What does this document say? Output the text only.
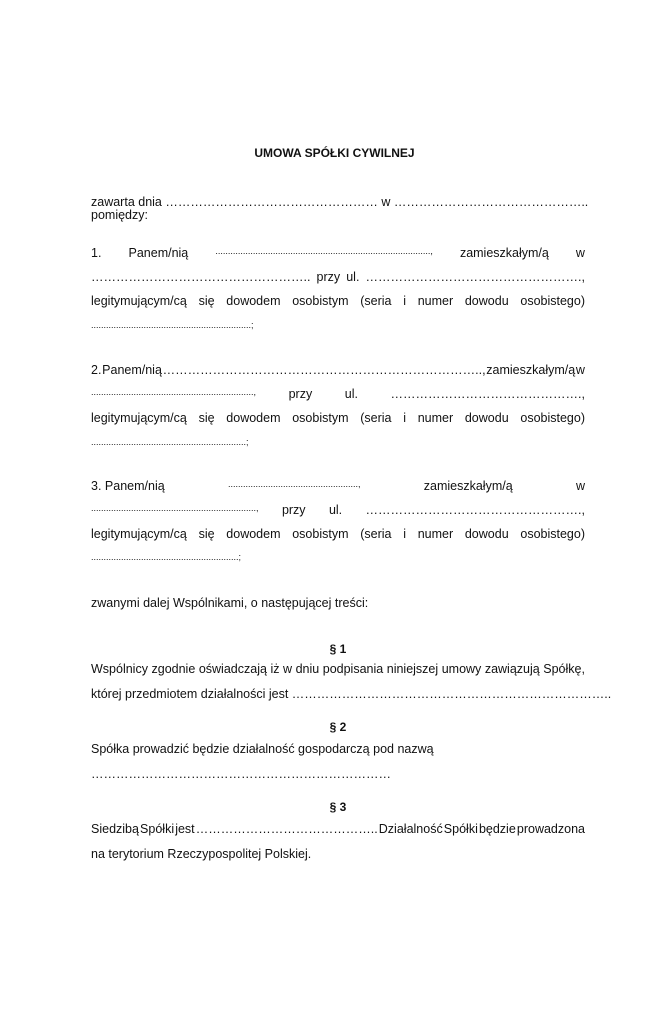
UMOWA SPÓŁKI CYWILNEJ
zawarta dnia …………………………………………… w ………………………………………..
pomiędzy:
1. Panem/nią	......................................................................................, zamieszkałym/ą w
…………………………………………….. przy ul. …………………………………………….,
legitymującym/cą się dowodem osobistym (seria i numer dowodu osobistego)
................................................................;
2. Panem/nią ………………………………………………………………….., zamieszkałym/ą w
.................................................................,	przy	ul.	……………………………………….,
legitymującym/cą się dowodem osobistym (seria i numer dowodu osobistego)
..............................................................;
3. Panem/nią	....................................................,	zamieszkałym/ą	w
.................................................................., przy ul. …………………………………………….,
legitymującym/cą się dowodem osobistym (seria i numer dowodu osobistego)
...........................................................;
zwanymi dalej Wspólnikami, o następującej treści:
§ 1
Wspólnicy zgodnie oświadczają iż w dniu podpisania niniejszej umowy zawiązują Spółkę,
której przedmiotem działalności jest …………………………………………………………………..
§ 2
Spółka prowadzić będzie działalność gospodarczą pod nazwą
………………………………………………………………
§ 3
Siedzibą Spółki jest …………………………………….. Działalność Spółki będzie prowadzona
na terytorium Rzeczypospolitej Polskiej.
